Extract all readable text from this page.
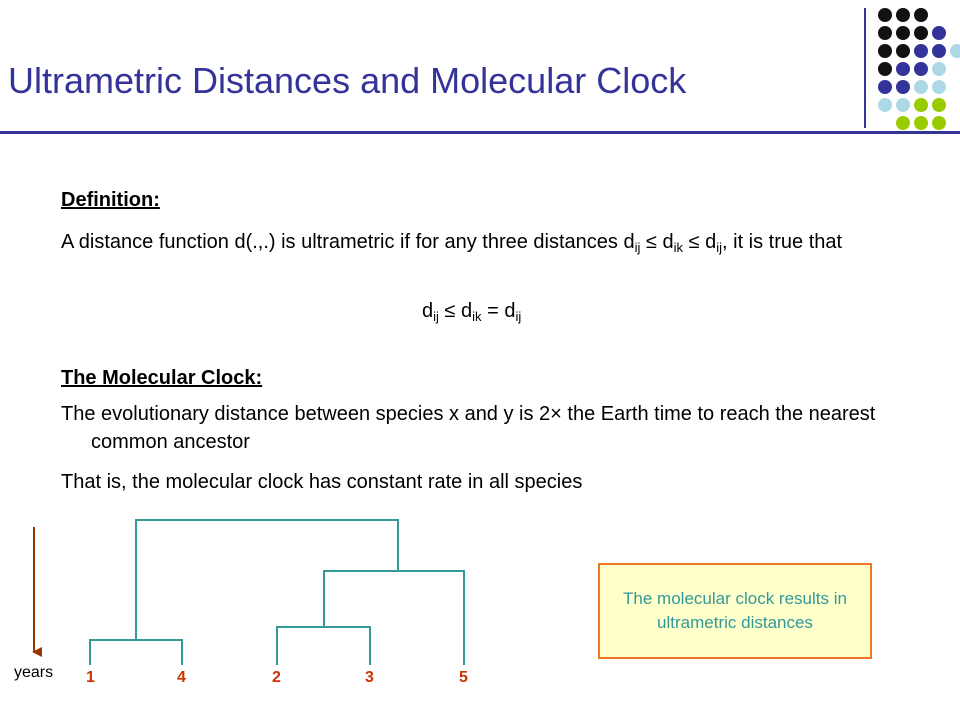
Ultrametric Distances and Molecular Clock

Definition:

A distance function d(.,.) is ultrametric if for any three distances $d_{ij} \le d_{ik} \le d_{ij}$, it is true that

$d_{ij} \le d_{ik} = d_{ij}$

The Molecular Clock:

The evolutionary distance between species x and y is 2× the Earth time to reach the nearest common ancestor

That is, the molecular clock has constant rate in all species

years 1	4	2	3	5
The molecular clock results in ultrametric distances
